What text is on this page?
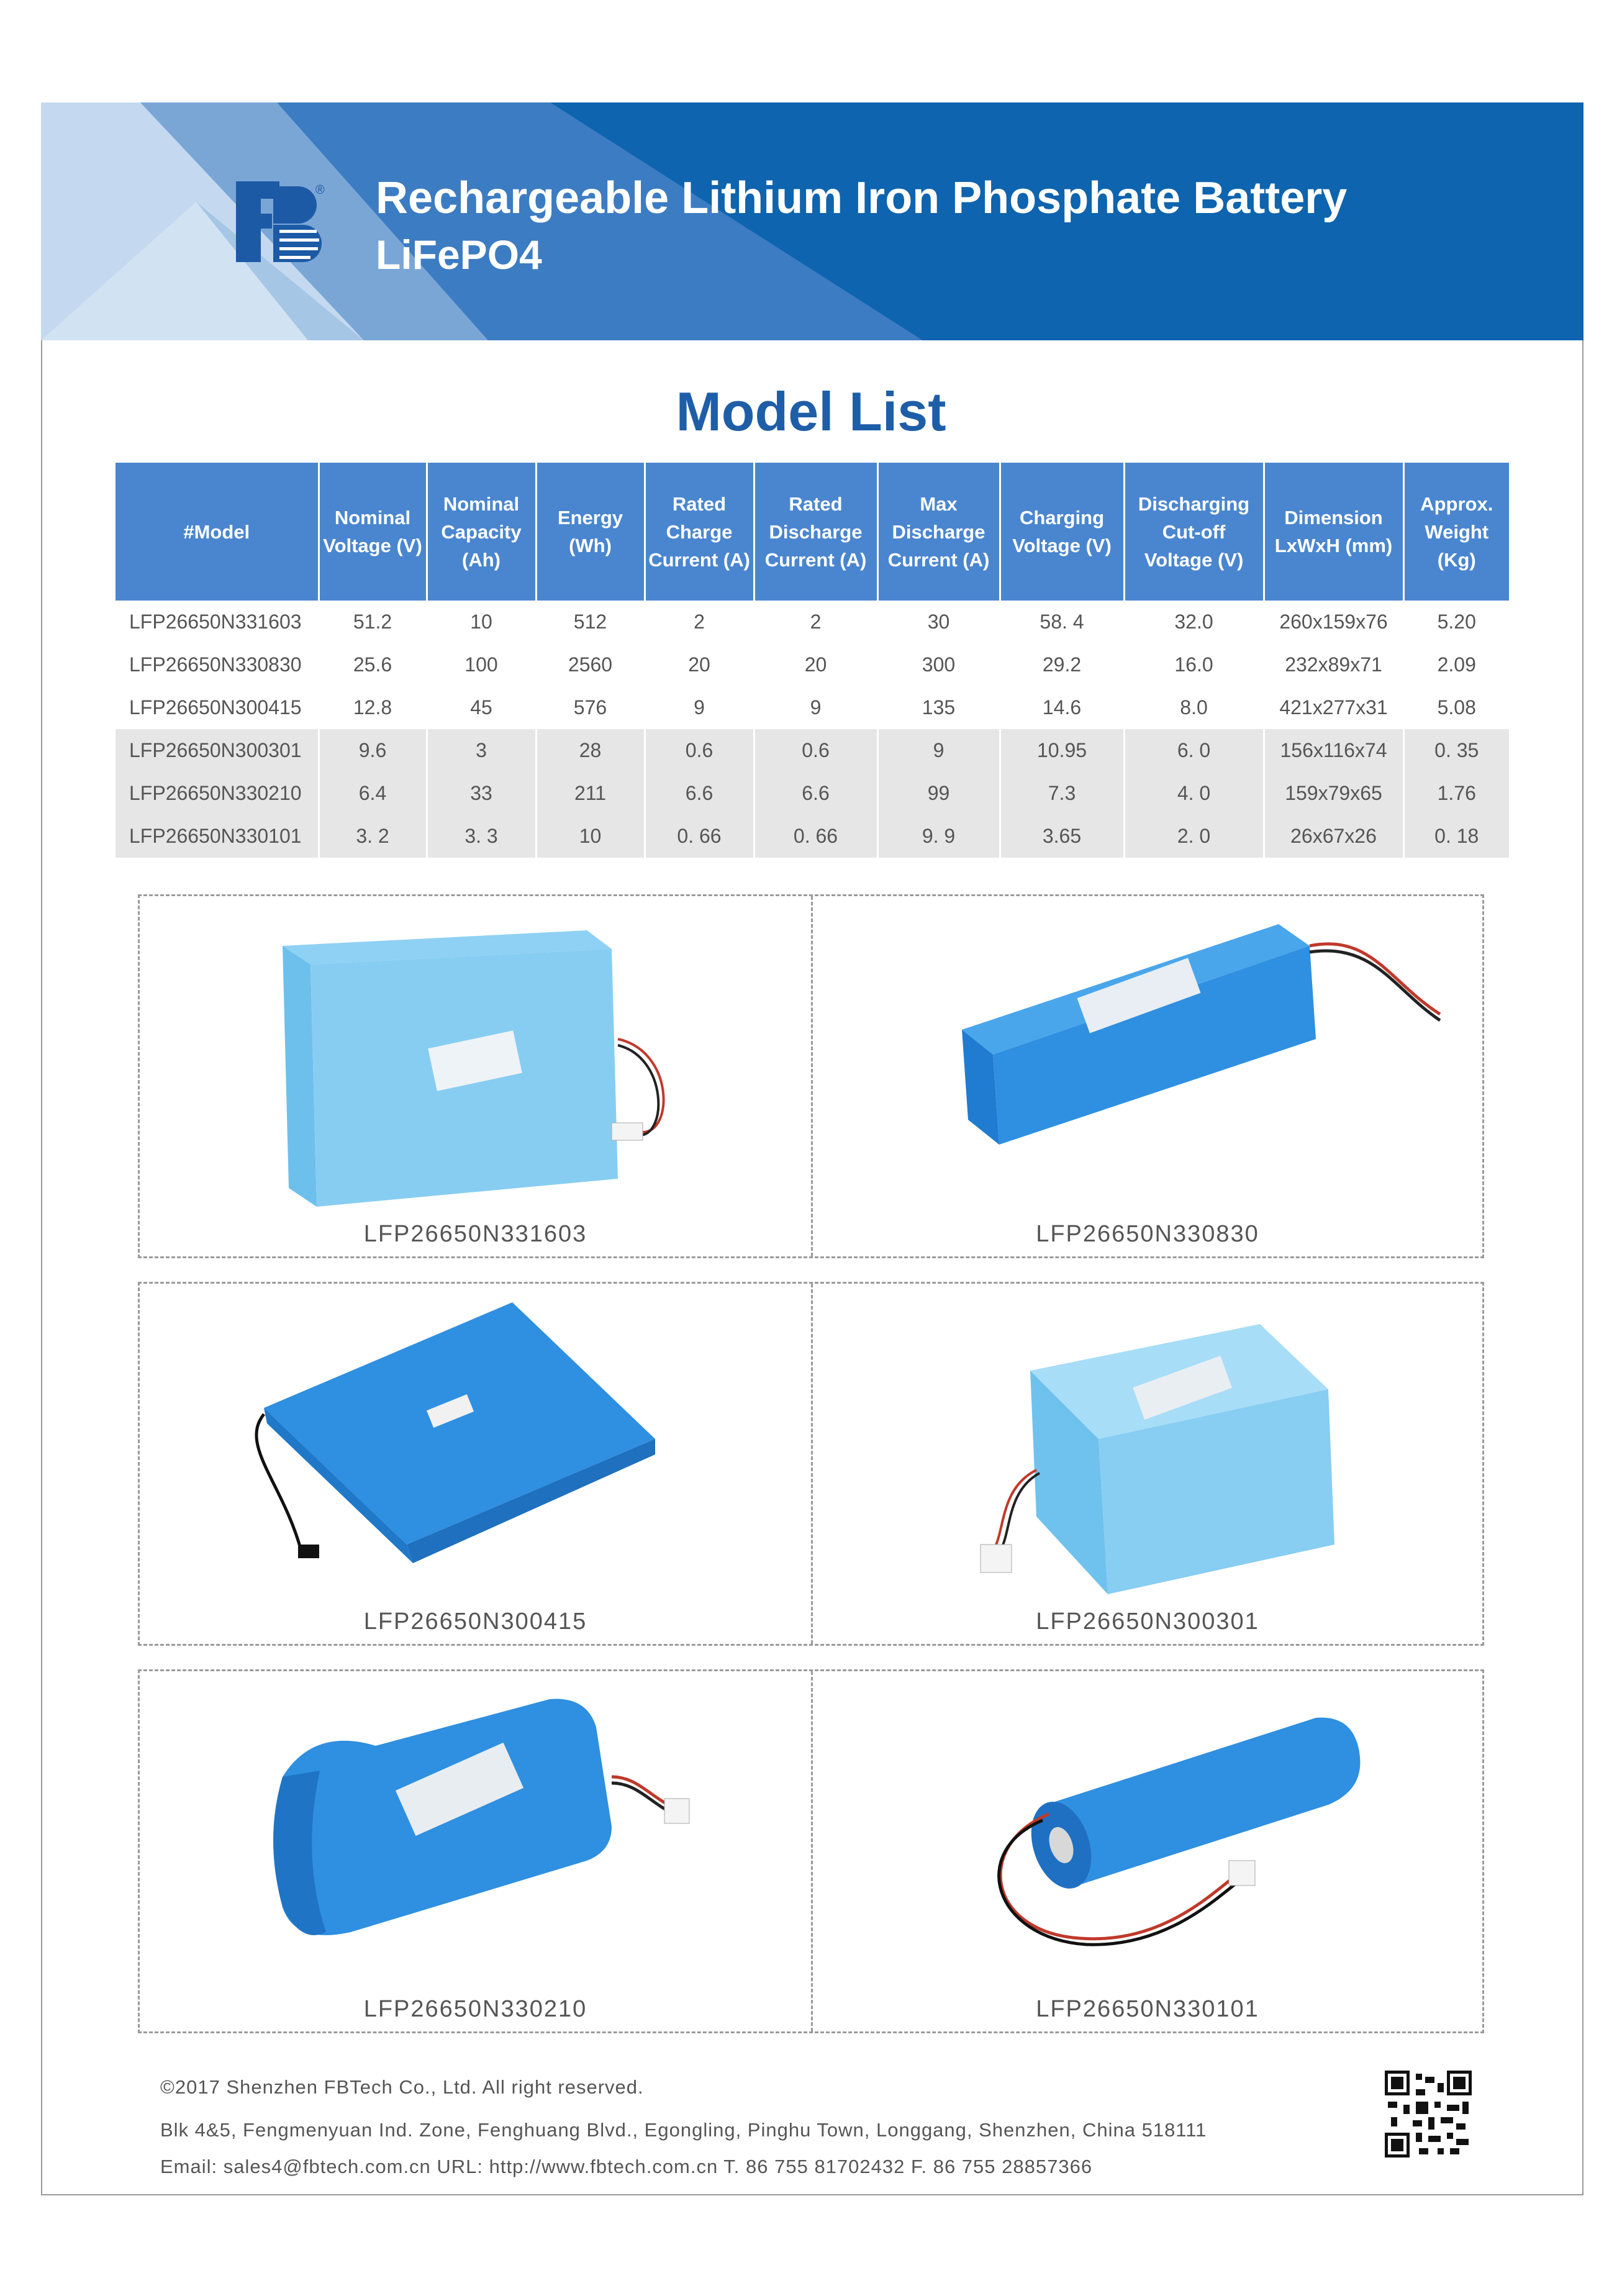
® Rechargeable Lithium Iron Phosphate Battery
LiFePO4
Model List
#Model	Nominal Voltage (V)	Nominal Capacity (Ah)	Energy (Wh)	Rated Charge Current (A)	Rated Discharge Current (A)	Max Discharge Current (A)	Charging Voltage (V)	Discharging Cut-off Voltage (V)	Dimension LxWxH (mm)	Approx. Weight (Kg)
LFP26650N331603	51.2	10	512	2	2	30	58. 4	32.0	260x159x76	5.20
LFP26650N330830	25.6	100	2560	20	20	300	29.2	16.0	232x89x71	2.09
LFP26650N300415	12.8	45	576	9	9	135	14.6	8.0	421x277x31	5.08
LFP26650N300301	9.6	3	28	0.6	0.6	9	10.95	6. 0	156x116x74	0. 35
LFP26650N330210	6.4	33	211	6.6	6.6	99	7.3	4. 0	159x79x65	1.76
LFP26650N330101	3. 2	3. 3	10	0. 66	0. 66	9. 9	3.65	2. 0	26x67x26	0. 18
LFP26650N331603	LFP26650N330830
LFP26650N300415	LFP26650N300301
LFP26650N330210	LFP26650N330101
©2017 Shenzhen FBTech Co., Ltd. All right reserved.
Blk 4&5, Fengmenyuan Ind. Zone, Fenghuang Blvd., Egongling, Pinghu Town, Longgang, Shenzhen, China 518111
Email: sales4@fbtech.com.cn URL: http://www.fbtech.com.cn T. 86 755 81702432 F. 86 755 28857366
